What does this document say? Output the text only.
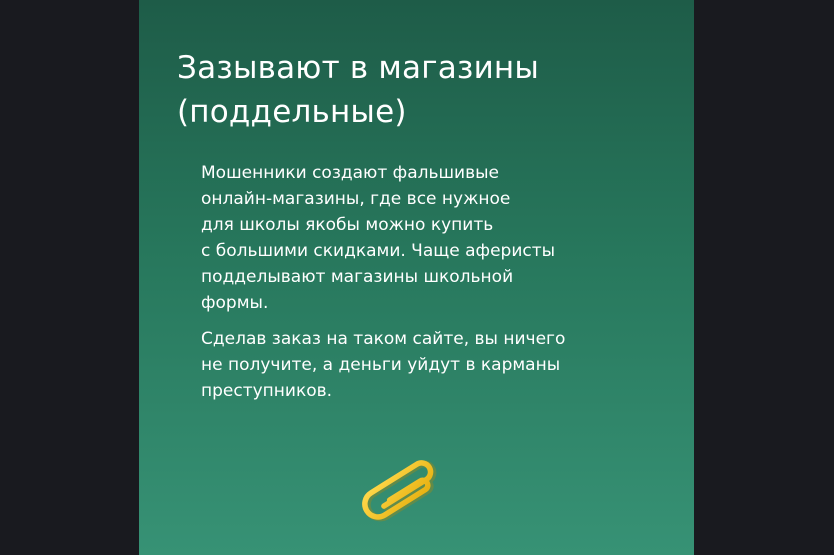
Зазывают в магазины
(поддельные)

Мошенники создают фальшивые
онлайн-магазины, где все нужное
для школы якобы можно купить
с большими скидками. Чаще аферисты
подделывают магазины школьной
формы.

Сделав заказ на таком сайте, вы ничего
не получите, а деньги уйдут в карманы
преступников.
